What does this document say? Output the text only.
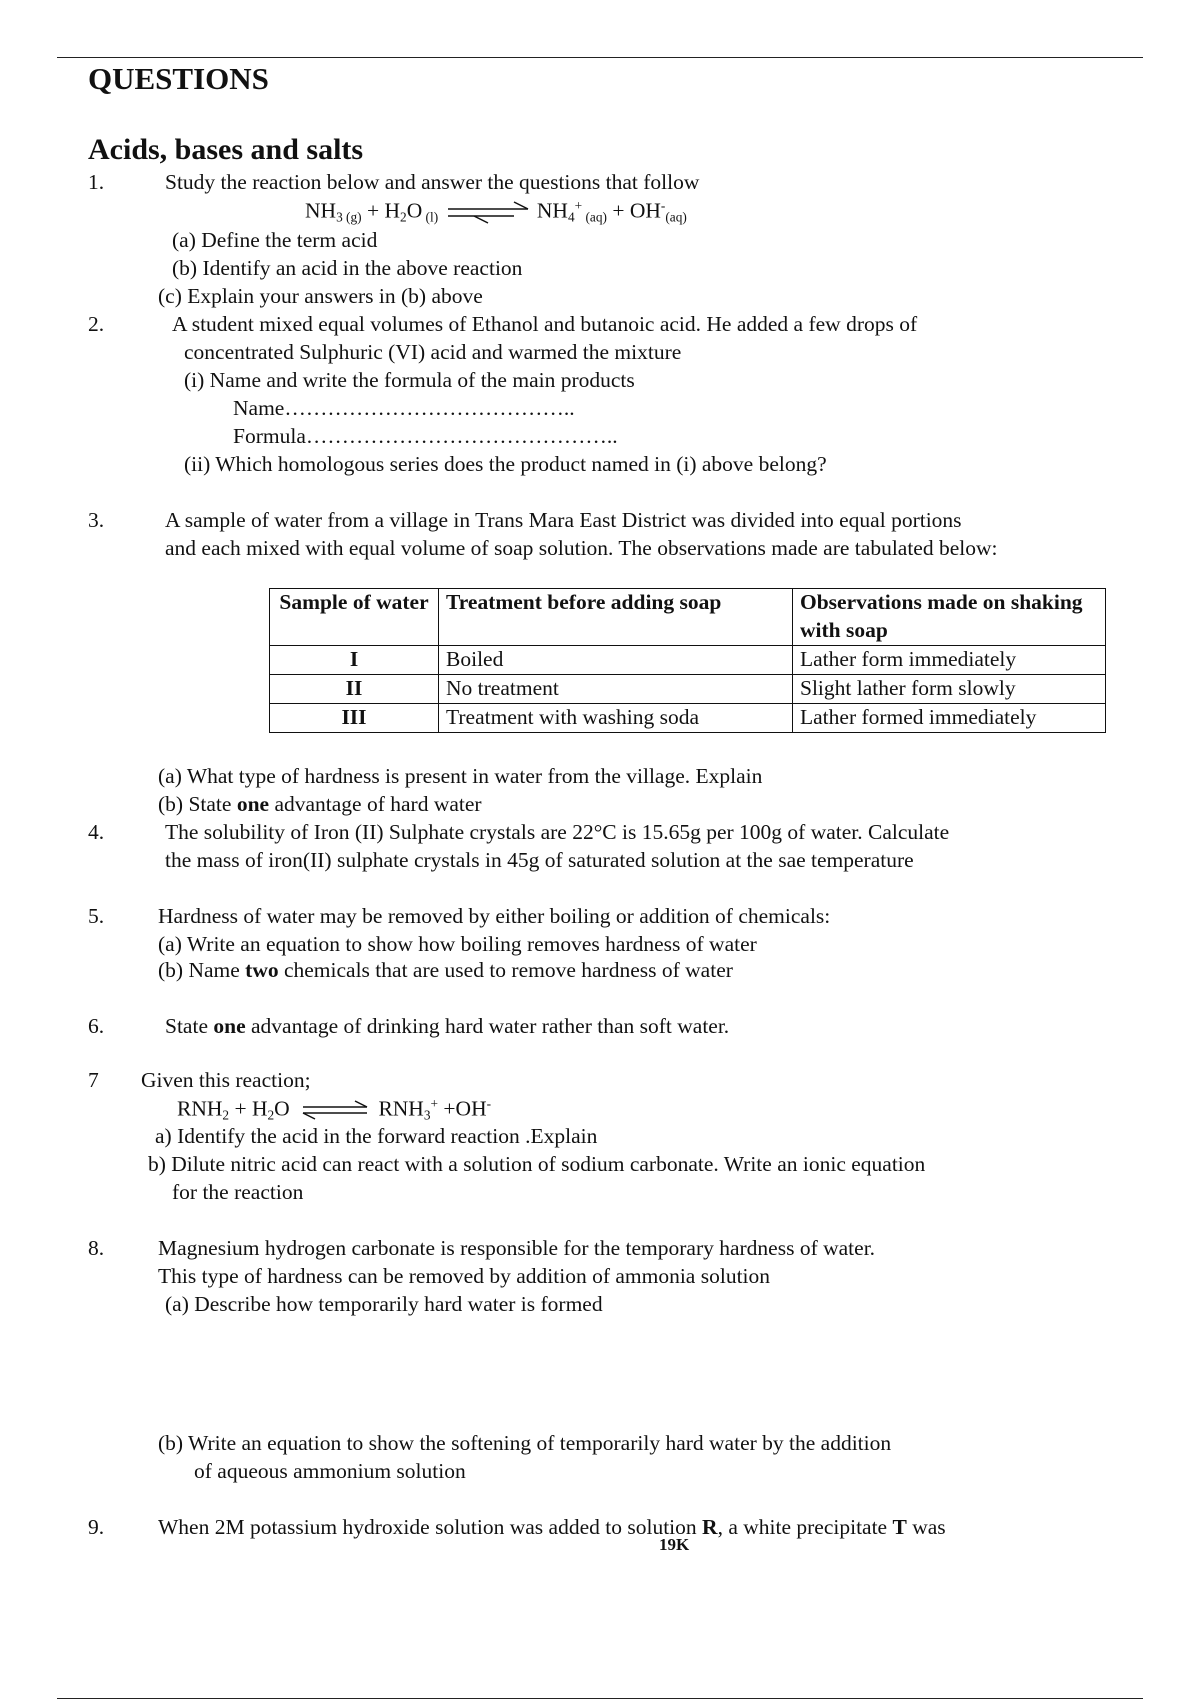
QUESTIONS
Acids, bases and salts
1.	Study the reaction below and answer the questions that follow
$NH_{3 (g)} + H_2O$ $_{(l)}$	$NH_4^+$ $_{(aq)} + OH^-_{(aq)}$
(a) Define the term acid
(b) Identify an acid in the above reaction
(c) Explain your answers in (b) above
2.	A student mixed equal volumes of Ethanol and butanoic acid. He added a few drops of
concentrated Sulphuric (VI) acid and warmed the mixture
(i) Name and write the formula of the main products
Name…………………………………..
Formula……………………………………..
(ii) Which homologous series does the product named in (i) above belong?
3.	A sample of water from a village in Trans Mara East District was divided into equal portions
and each mixed with equal volume of soap solution. The observations made are tabulated below:
Sample of water	Treatment before adding soap	Observations made on shaking with soap
I	Boiled	Lather form immediately
II	No treatment	Slight lather form slowly
III	Treatment with washing soda	Lather formed immediately
(a) What type of hardness is present in water from the village. Explain
(b) State one advantage of hard water
4.	The solubility of Iron (II) Sulphate crystals are 22°C is 15.65g per 100g of water. Calculate
the mass of iron(II) sulphate crystals in 45g of saturated solution at the sae temperature
5.	Hardness of water may be removed by either boiling or addition of chemicals:
(a) Write an equation to show how boiling removes hardness of water
(b) Name two chemicals that are used to remove hardness of water
6.	State one advantage of drinking hard water rather than soft water.
7 Given this reaction;
$RNH_2 + H_2O$ ⇌ $RNH_3^+ +OH^-$
a) Identify the acid in the forward reaction .Explain
b) Dilute nitric acid can react with a solution of sodium carbonate. Write an ionic equation
for the reaction
8.	Magnesium hydrogen carbonate is responsible for the temporary hardness of water.
This type of hardness can be removed by addition of ammonia solution
(a) Describe how temporarily hard water is formed
(b) Write an equation to show the softening of temporarily hard water by the addition
of aqueous ammonium solution
9.	When 2M potassium hydroxide solution was added to solution R, a white precipitate T was
19K
